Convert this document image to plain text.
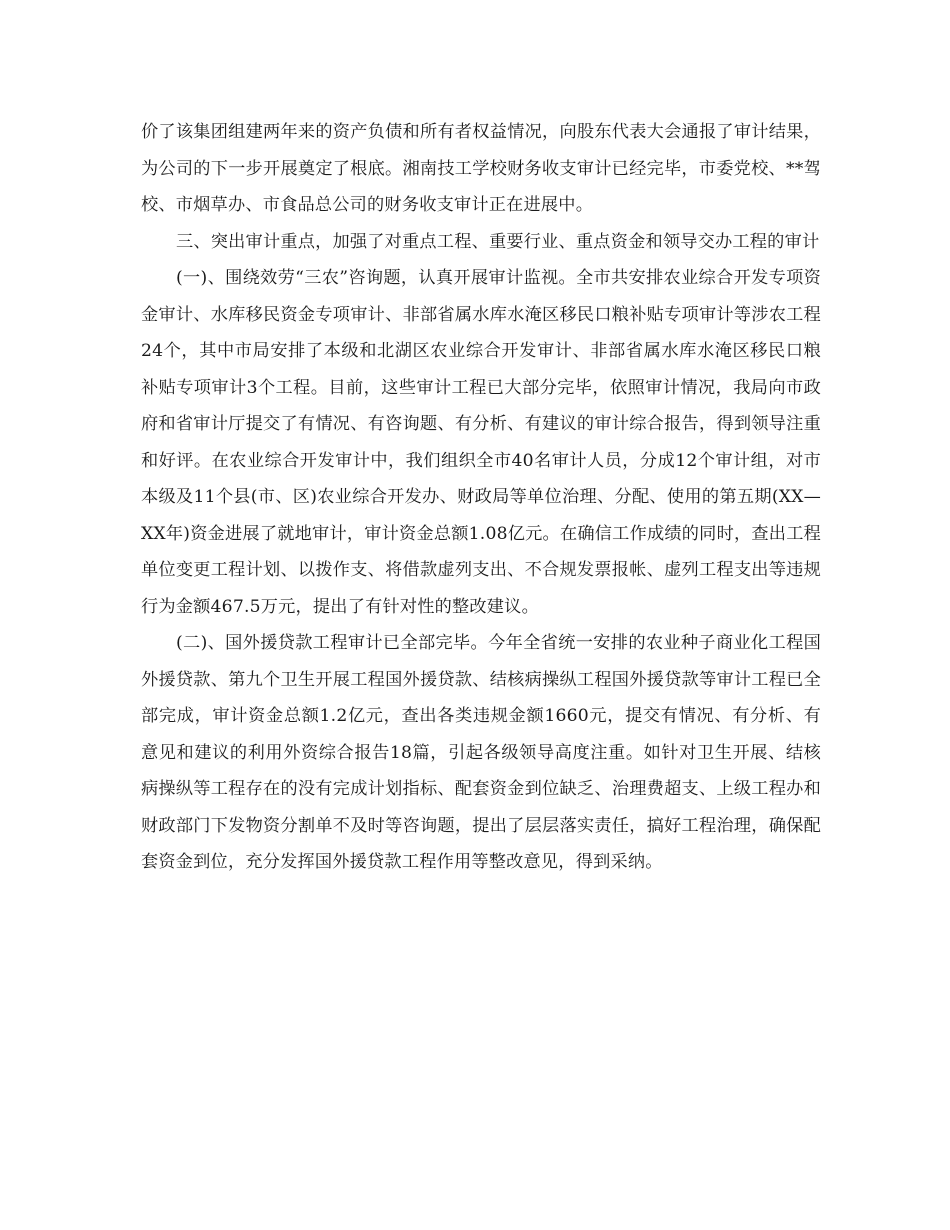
价了该集团组建两年来的资产负债和所有者权益情况，向股东代表大会通报了审计结果，为公司的下一步开展奠定了根底。湘南技工学校财务收支审计已经完毕，市委党校、**驾校、市烟草办、市食品总公司的财务收支审计正在进展中。

三、突出审计重点，加强了对重点工程、重要行业、重点资金和领导交办工程的审计

(一)、围绕效劳“三农”咨询题，认真开展审计监视。全市共安排农业综合开发专项资金审计、水库移民资金专项审计、非部省属水库水淹区移民口粮补贴专项审计等涉农工程24个，其中市局安排了本级和北湖区农业综合开发审计、非部省属水库水淹区移民口粮补贴专项审计3个工程。目前，这些审计工程已大部分完毕，依照审计情况，我局向市政府和省审计厅提交了有情况、有咨询题、有分析、有建议的审计综合报告，得到领导注重和好评。在农业综合开发审计中，我们组织全市40名审计人员，分成12个审计组，对市本级及11个县(市、区)农业综合开发办、财政局等单位治理、分配、使用的第五期(XX—XX年)资金进展了就地审计，审计资金总额1.08亿元。在确信工作成绩的同时，查出工程单位变更工程计划、以拨作支、将借款虚列支出、不合规发票报帐、虚列工程支出等违规行为金额467.5万元，提出了有针对性的整改建议。

(二)、国外援贷款工程审计已全部完毕。今年全省统一安排的农业种子商业化工程国外援贷款、第九个卫生开展工程国外援贷款、结核病操纵工程国外援贷款等审计工程已全部完成，审计资金总额1.2亿元，查出各类违规金额1660元，提交有情况、有分析、有意见和建议的利用外资综合报告18篇，引起各级领导高度注重。如针对卫生开展、结核病操纵等工程存在的没有完成计划指标、配套资金到位缺乏、治理费超支、上级工程办和财政部门下发物资分割单不及时等咨询题，提出了层层落实责任，搞好工程治理，确保配套资金到位，充分发挥国外援贷款工程作用等整改意见，得到采纳。
